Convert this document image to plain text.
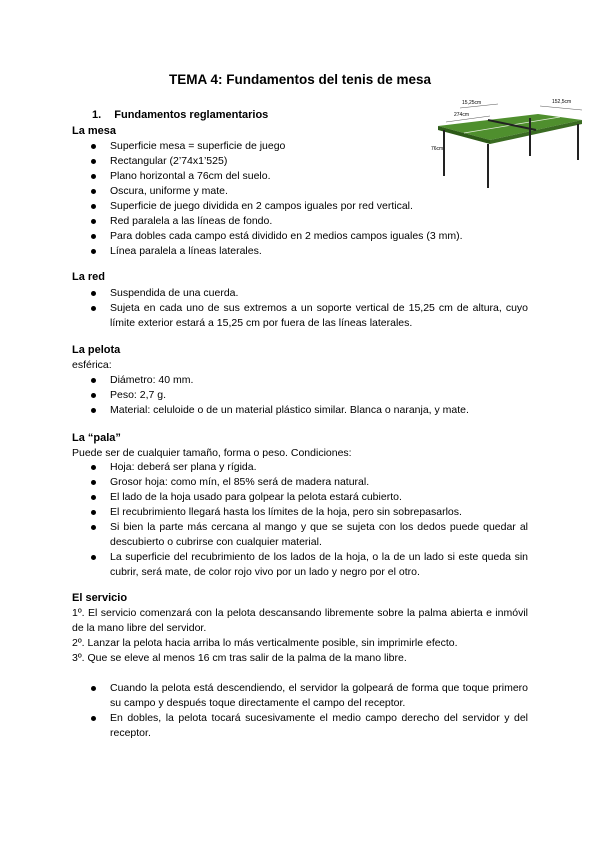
TEMA 4: Fundamentos del tenis de mesa
1. Fundamentos reglamentarios
15,25cm	152,5cm
274cm
76cm
La mesa
Superficie mesa = superficie de juego
Rectangular (2’74x1’525)
Plano horizontal a 76cm del suelo.
Oscura, uniforme y mate.
Superficie de juego dividida en 2 campos iguales por red vertical.
Red paralela a las líneas de fondo.
Para dobles cada campo está dividido en 2 medios campos iguales (3 mm).
Línea paralela a líneas laterales.
La red
Suspendida de una cuerda.
Sujeta en cada uno de sus extremos a un soporte vertical de 15,25 cm de altura, cuyo límite exterior estará a 15,25 cm por fuera de las líneas laterales.
La pelota
esférica:
Diámetro: 40 mm.
Peso: 2,7 g.
Material: celuloide o de un material plástico similar. Blanca o naranja, y mate.
La “pala”
Puede ser de cualquier tamaño, forma o peso. Condiciones:
Hoja: deberá ser plana y rígida.
Grosor hoja: como mín, el 85% será de madera natural.
El lado de la hoja usado para golpear la pelota estará cubierto.
El recubrimiento llegará hasta los límites de la hoja, pero sin sobrepasarlos.
Si bien la parte más cercana al mango y que se sujeta con los dedos puede quedar al descubierto o cubrirse con cualquier material.
La superficie del recubrimiento de los lados de la hoja, o la de un lado si este queda sin cubrir, será mate, de color rojo vivo por un lado y negro por el otro.
El servicio
1º. El servicio comenzará con la pelota descansando libremente sobre la palma abierta e inmóvil de la mano libre del servidor.
2º. Lanzar la pelota hacia arriba lo más verticalmente posible, sin imprimirle efecto.
3º. Que se eleve al menos 16 cm tras salir de la palma de la mano libre.
Cuando la pelota está descendiendo, el servidor la golpeará de forma que toque primero su campo y después toque directamente el campo del receptor.
En dobles, la pelota tocará sucesivamente el medio campo derecho del servidor y del receptor.
